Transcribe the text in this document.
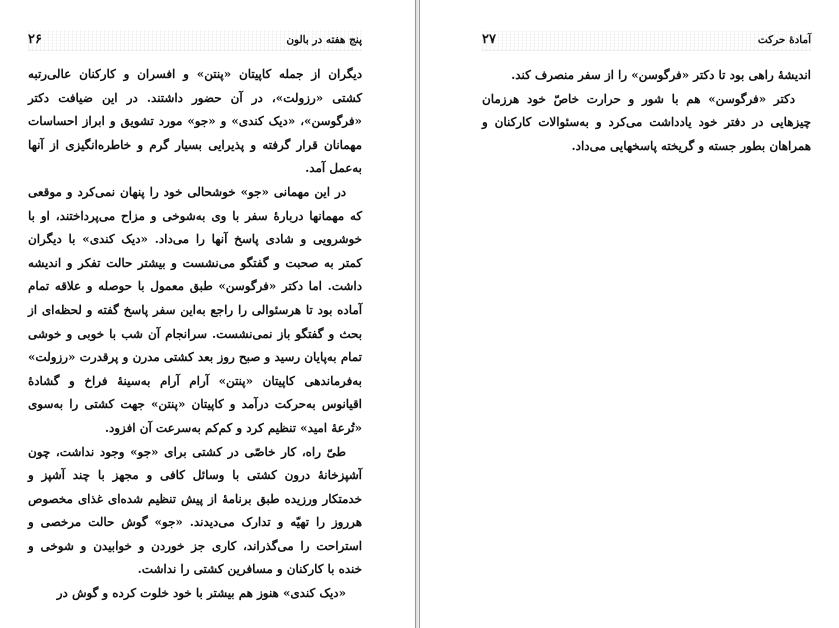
۲۶	پنج هفته در بالون

دیگران از جمله کاپیتان «پنتن» و افسران و کارکنان عالی‌رتبه کشتی «رزولت»، در آن حضور داشتند. در این ضیافت دکتر «فرگوسن»، «دیک کندی» و «جو» مورد تشویق و ابراز احساسات مهمانان قرار گرفته و پذیرایی بسیار گرم و خاطره‌انگیزی از آنها به‌عمل آمد.

در این مهمانی «جو» خوشحالی خود را پنهان نمی‌کرد و موقعی که مهمانها دربارهٔ سفر با وی به‌شوخی و مزاح می‌پرداختند، او با خوشرویی و شادی پاسخ آنها را می‌داد. «دیک کندی» با دیگران کمتر به صحبت و گفتگو می‌نشست و بیشتر حالت تفکر و اندیشه داشت. اما دکتر «فرگوسن» طبق معمول با حوصله و علاقه تمام آماده بود تا هرسئوالی را راجع به‌این سفر پاسخ گفته و لحظه‌ای از بحث و گفتگو باز نمی‌نشست. سرانجام آن شب با خوبی و خوشی تمام به‌پایان رسید و صبح روز بعد کشتی مدرن و پرقدرت «رزولت» به‌فرماندهی کاپیتان «پنتن» آرام آرام به‌سینهٔ فراخ و گشادهٔ اقیانوس به‌حرکت درآمد و کاپیتان «پنتن» جهت کشتی را به‌سوی «تُرعهٔ امید» تنظیم کرد و کم‌کم به‌سرعت آن افزود.

طیّ راه، کار خاصّی در کشتی برای «جو» وجود نداشت، چون آشپزخانهٔ درون کشتی با وسائل کافی و مجهز با چند آشپز و خدمتکار ورزیده طبق برنامهٔ از پیش تنظیم شده‌ای غذای مخصوص هرروز را تهیّه و تدارک می‌دیدند. «جو» گوش حالت مرخصی و استراحت را می‌گذراند، کاری جز خوردن و خوابیدن و شوخی و خنده با کارکنان و مسافرین کشتی را نداشت.

«دیک کندی» هنوز هم بیشتر با خود خلوت کرده و گوش در

۲۷	آمادهٔ حرکت

اندیشهٔ راهی بود تا دکتر «فرگوسن» را از سفر منصرف کند.

دکتر «فرگوسن» هم با شور و حرارت خاصّ خود هرزمان چیزهایی در دفتر خود یادداشت می‌کرد و به‌سئوالات کارکنان و همراهان بطور جسته و گریخته پاسخهایی می‌داد.
